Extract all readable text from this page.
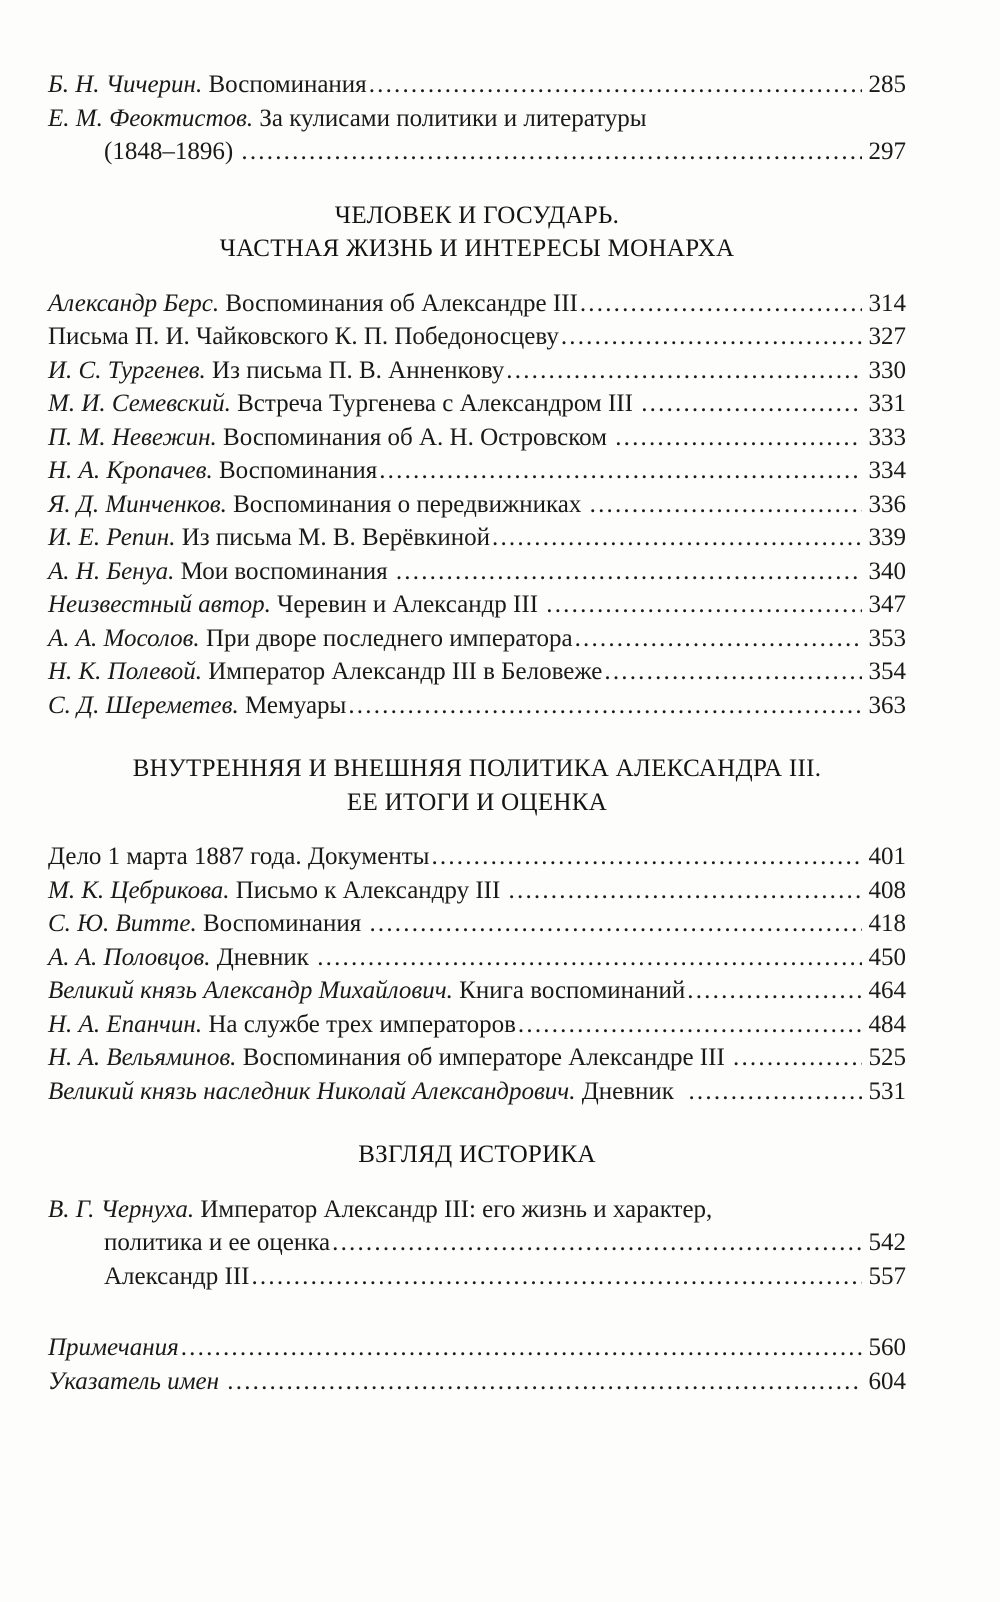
Б. Н. Чичерин. Воспоминания .....	285
Е. М. Феоктистов. За кулисами политики и литературы
(1848–1896) .....	297
ЧЕЛОВЕК И ГОСУДАРЬ.
ЧАСТНАЯ ЖИЗНЬ И ИНТЕРЕСЫ МОНАРХА
Александр Берс. Воспоминания об Александре III .....	314
Письма П. И. Чайковского К. П. Победоносцеву .....	327
И. С. Тургенев. Из письма П. В. Анненкову .....	330
М. И. Семевский. Встреча Тургенева с Александром III .....	331
П. М. Невежин. Воспоминания об А. Н. Островском .....	333
Н. А. Кропачев. Воспоминания .....	334
Я. Д. Минченков. Воспоминания о передвижниках .....	336
И. Е. Репин. Из письма М. В. Верёвкиной .....	339
А. Н. Бенуа. Мои воспоминания .....	340
Неизвестный автор. Черевин и Александр III .....	347
А. А. Мосолов. При дворе последнего императора .....	353
Н. К. Полевой. Император Александр III в Беловеже .....	354
С. Д. Шереметев. Мемуары .....	363
ВНУТРЕННЯЯ И ВНЕШНЯЯ ПОЛИТИКА АЛЕКСАНДРА III.
ЕЕ ИТОГИ И ОЦЕНКА
Дело 1 марта 1887 года. Документы .....	401
М. К. Цебрикова. Письмо к Александру III .....	408
С. Ю. Витте. Воспоминания .....	418
А. А. Половцов. Дневник .....	450
Великий князь Александр Михайлович. Книга воспоминаний .....	464
Н. А. Епанчин. На службе трех императоров .....	484
Н. А. Вельяминов. Воспоминания об императоре Александре III .....	525
Великий князь наследник Николай Александрович. Дневник .....	531
ВЗГЛЯД ИСТОРИКА
В. Г. Чернуха. Император Александр III: его жизнь и характер,
политика и ее оценка .....	542
Александр III .....	557
Примечания .....	560
Указатель имен .....	604
